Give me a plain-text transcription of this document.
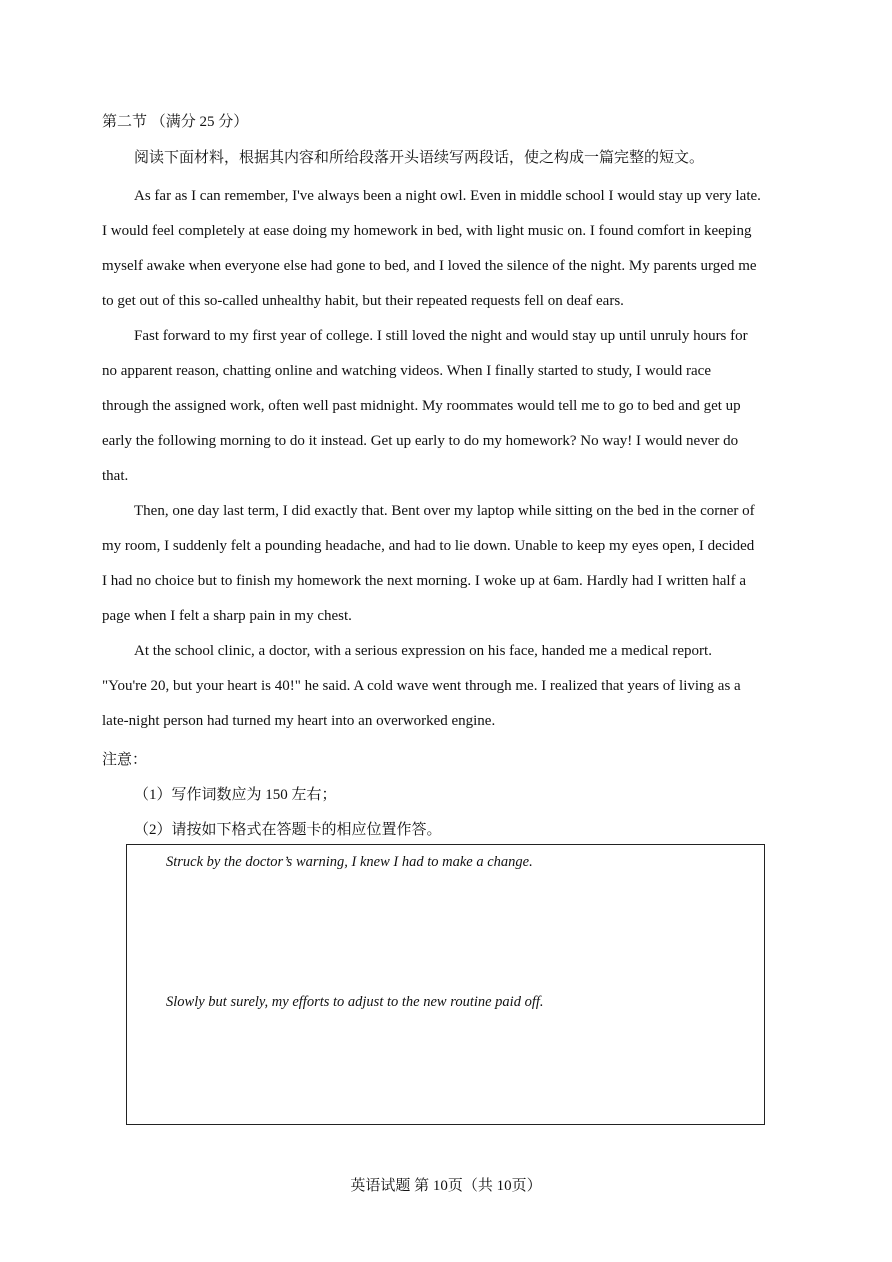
第二节 （满分 25 分）
阅读下面材料，根据其内容和所给段落开头语续写两段话，使之构成一篇完整的短文。
As far as I can remember, I've always been a night owl. Even in middle school I would stay up very late.
I would feel completely at ease doing my homework in bed, with light music on. I found comfort in keeping
myself awake when everyone else had gone to bed, and I loved the silence of the night. My parents urged me
to get out of this so-called unhealthy habit, but their repeated requests fell on deaf ears.
Fast forward to my first year of college. I still loved the night and would stay up until unruly hours for
no apparent reason, chatting online and watching videos. When I finally started to study, I would race
through the assigned work, often well past midnight. My roommates would tell me to go to bed and get up
early the following morning to do it instead. Get up early to do my homework? No way! I would never do
that.
Then, one day last term, I did exactly that. Bent over my laptop while sitting on the bed in the corner of
my room, I suddenly felt a pounding headache, and had to lie down. Unable to keep my eyes open, I decided
I had no choice but to finish my homework the next morning. I woke up at 6am. Hardly had I written half a
page when I felt a sharp pain in my chest.
At the school clinic, a doctor, with a serious expression on his face, handed me a medical report.
"You're 20, but your heart is 40!" he said. A cold wave went through me. I realized that years of living as a
late-night person had turned my heart into an overworked engine.
注意：
（1）写作词数应为 150 左右；
（2）请按如下格式在答题卡的相应位置作答。
Struck by the doctor’s warning, I knew I had to make a change.
Slowly but surely, my efforts to adjust to the new routine paid off.
英语试题 第 10页（共 10页）
